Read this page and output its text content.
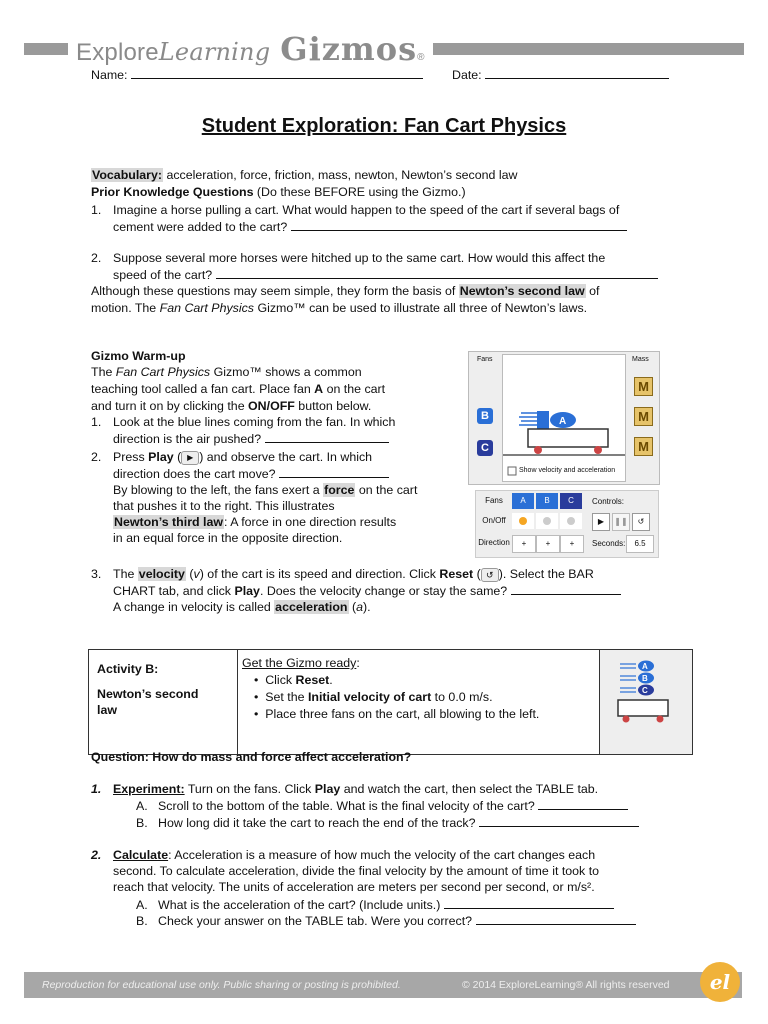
Explore Learning Gizmos ®
Name:	Date:
Student Exploration: Fan Cart Physics
Vocabulary: acceleration, force, friction, mass, newton, Newton’s second law
Prior Knowledge Questions (Do these BEFORE using the Gizmo.)
1. Imagine a horse pulling a cart. What would happen to the speed of the cart if several bags of
cement were added to the cart?
2. Suppose several more horses were hitched up to the same cart. How would this affect the
speed of the cart?
Although these questions may seem simple, they form the basis of Newton’s second law of
motion. The Fan Cart Physics Gizmo™ can be used to illustrate all three of Newton’s laws.
Gizmo Warm-up
The Fan Cart Physics Gizmo™ shows a common
teaching tool called a fan cart. Place fan A on the cart
and turn it on by clicking the ON/OFF button below.
1. Look at the blue lines coming from the fan. In which
direction is the air pushed?
2. Press Play ( ▶ ) and observe the cart. In which
direction does the cart move?
By blowing to the left, the fans exert a force on the cart
that pushes it to the right. This illustrates
Newton’s third law: A force in one direction results
in an equal force in the opposite direction.
Fans	Mass
A
Show velocity and acceleration
B
C
M
M
M
Fans	A	B	C
On/Off
Direction	+	+	+
Controls:
▶	❚❚	↺
Seconds:	6.5
3. The velocity (v) of the cart is its speed and direction. Click Reset ( ↺ ). Select the BAR
CHART tab, and click Play. Does the velocity change or stay the same?
A change in velocity is called acceleration (a).
Activity B:
Newton’s second law

Get the Gizmo ready:
•  Click Reset.
•  Set the Initial velocity of cart to 0.0 m/s.
•  Place three fans on the cart, all blowing to the left.

A
B
C
Question: How do mass and force affect acceleration?
1. Experiment: Turn on the fans. Click Play and watch the cart, then select the TABLE tab.
A. Scroll to the bottom of the table. What is the final velocity of the cart?
B. How long did it take the cart to reach the end of the track?
2. Calculate: Acceleration is a measure of how much the velocity of the cart changes each
second. To calculate acceleration, divide the final velocity by the amount of time it took to
reach that velocity. The units of acceleration are meters per second per second, or m/s².
A. What is the acceleration of the cart? (Include units.)
B. Check your answer on the TABLE tab. Were you correct?
Reproduction for educational use only. Public sharing or posting is prohibited.	© 2014 ExploreLearning® All rights reserved	el
